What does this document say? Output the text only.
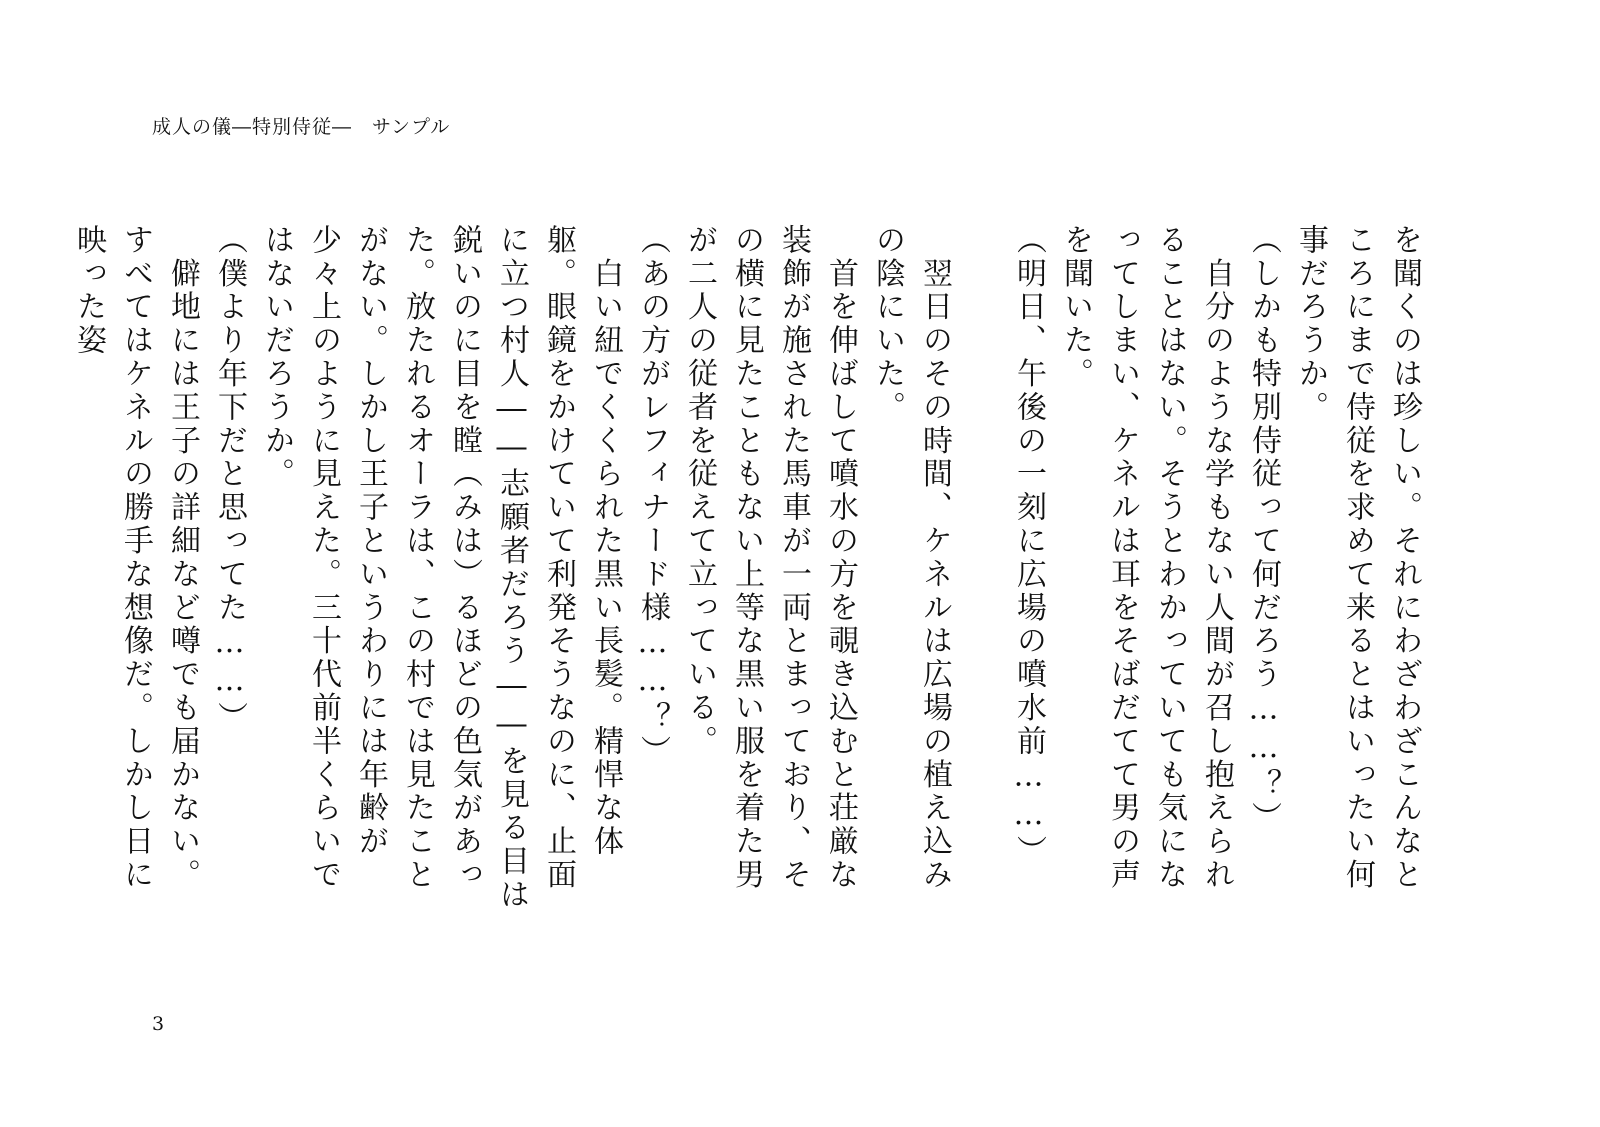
成人の儀―特別侍従―　サンプル

を聞くのは珍しい。それにわざわざこんなところにまで侍従を求めて来るとはいったい何事だろうか。

（しかも特別侍従って何だろう……？）

　自分のような学もない人間が召し抱えられることはない。そうとわかっていても気になってしまい、ケネルは耳をそばだてて男の声を聞いた。

（明日、午後の一刻に広場の噴水前……）

　翌日のその時間、ケネルは広場の植え込みの陰にいた。

　首を伸ばして噴水の方を覗き込むと荘厳な装飾が施された馬車が一両とまっており、その横に見たこともない上等な黒い服を着た男が二人の従者を従えて立っている。

（あの方がレフィナード様……？）

　白い紐でくくられた黒い長髪。精悍な体躯。眼鏡をかけていて利発そうなのに、止面に立つ村人――志願者だろう――を見る目は鋭いのに目を瞠（みは）るほどの色気があった。放たれるオーラは、この村では見たことがない。しかし王子というわりには年齢が少々上のように見えた。三十代前半くらいではないだろうか。

（僕より年下だと思ってた……）

　僻地には王子の詳細など噂でも届かない。すべてはケネルの勝手な想像だ。しかし日に映った姿

3
